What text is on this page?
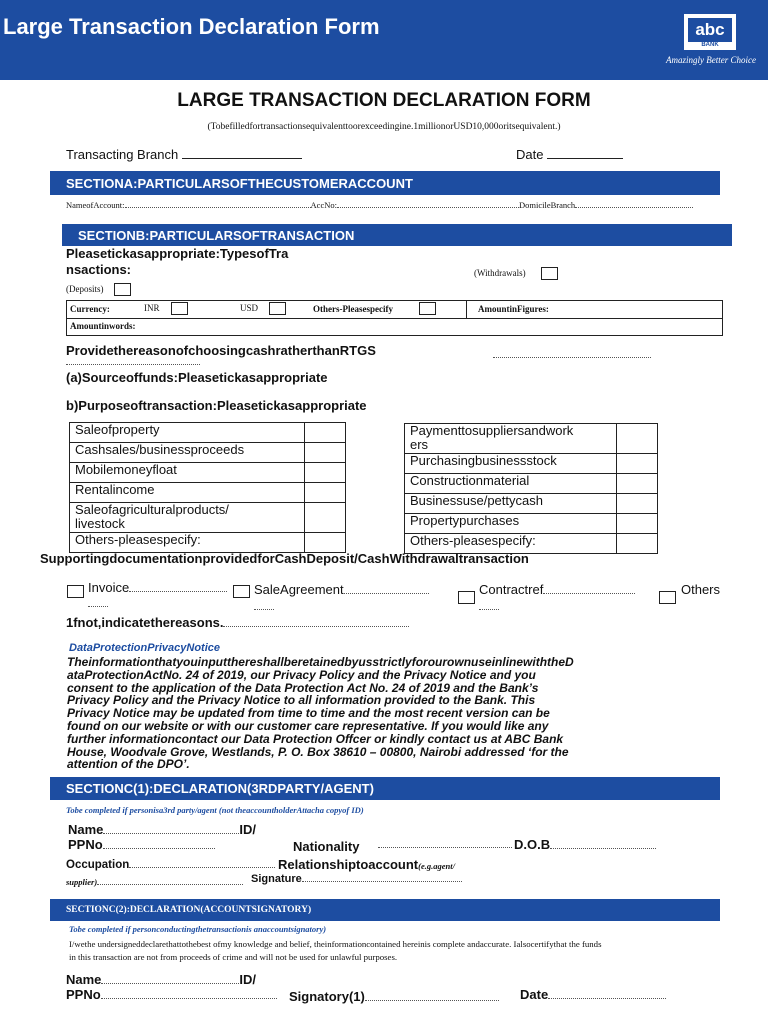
Large Transaction Declaration Form	abc
BANK
Amazingly Better Choice
LARGE TRANSACTION DECLARATION FORM
(Tobefilledfortransactionsequivalenttoorexceedingine.1millionorUSD10,000oritsequivalent.)
Transacting Branch	Date
SECTIONA:PARTICULARSOFTHECUSTOMERACCOUNT
NameofAccount:	AccNo:	DomicileBranch
SECTIONB:PARTICULARSOFTRANSACTION
Pleasetickasappropriate:TypesofTra
nsactions:	(Withdrawals)
(Deposits)
Currency:	INR	USD	Others-Pleasespecify	AmountinFigures:
Amountinwords:
ProvidethereasonofchoosingcashratherthanRTGS
(a)Sourceoffunds:Pleasetickasappropriate
b)Purposeoftransaction:Pleasetickasappropriate
Saleofproperty	
Cashsales/businessproceeds	
Mobilemoneyfloat	
Rentalincome	
Saleofagriculturalproducts/
livestock	
Others-pleasespecify:	
Paymenttosuppliersandwork
ers	
Purchasingbusinessstock	
Constructionmaterial	
Businessuse/pettycash	
Propertypurchases	
Others-pleasespecify:	
SupportingdocumentationprovidedforCashDeposit/CashWithdrawaltransaction
Invoice	SaleAgreement	Contractref	Others
1fnot,indicatethereasons.
DataProtectionPrivacyNotice
TheinformationthatyouinputthereshallberetainedbyusstrictlyforourownuseinlinewiththeD
ataProtectionActNo. 24 of 2019, our Privacy Policy and the Privacy Notice and you
consent to the application of the Data Protection Act No. 24 of 2019 and the Bank’s
Privacy Policy and the Privacy Notice to all information provided to the Bank. This
Privacy Notice may be updated from time to time and the most recent version can be
found on our website or with our customer care representative. If you would like any
further informationcontact our Data Protection Offcer or kindly contact us at ABC Bank
House, Woodvale Grove, Westlands, P. O. Box 38610 – 00800, Nairobi addressed ‘for the
attention of the DPO’.
SECTIONC(1):DECLARATION(3RDPARTY/AGENT)
Tobe completed if personisa3rd party/agent (not theaccountholderAttacha copyof ID)
Name	ID/
PPNo	Nationality	D.O.B
Occupation	Relationshiptoaccount(e.g.agent/
supplier)	Signature
SECTIONC(2):DECLARATION(ACCOUNTSIGNATORY)
Tobe completed if personconductingthetransactionis anaccountsignatory)
I/wethe undersigneddeclarethattothebest ofmy knowledge and belief, theinformationcontained hereinis complete andaccurate. Ialsocertifythat the funds
in this transaction are not from proceeds of crime and will not be used for unlawful purposes.
Name	ID/
PPNo	Signatory(1)	Date
